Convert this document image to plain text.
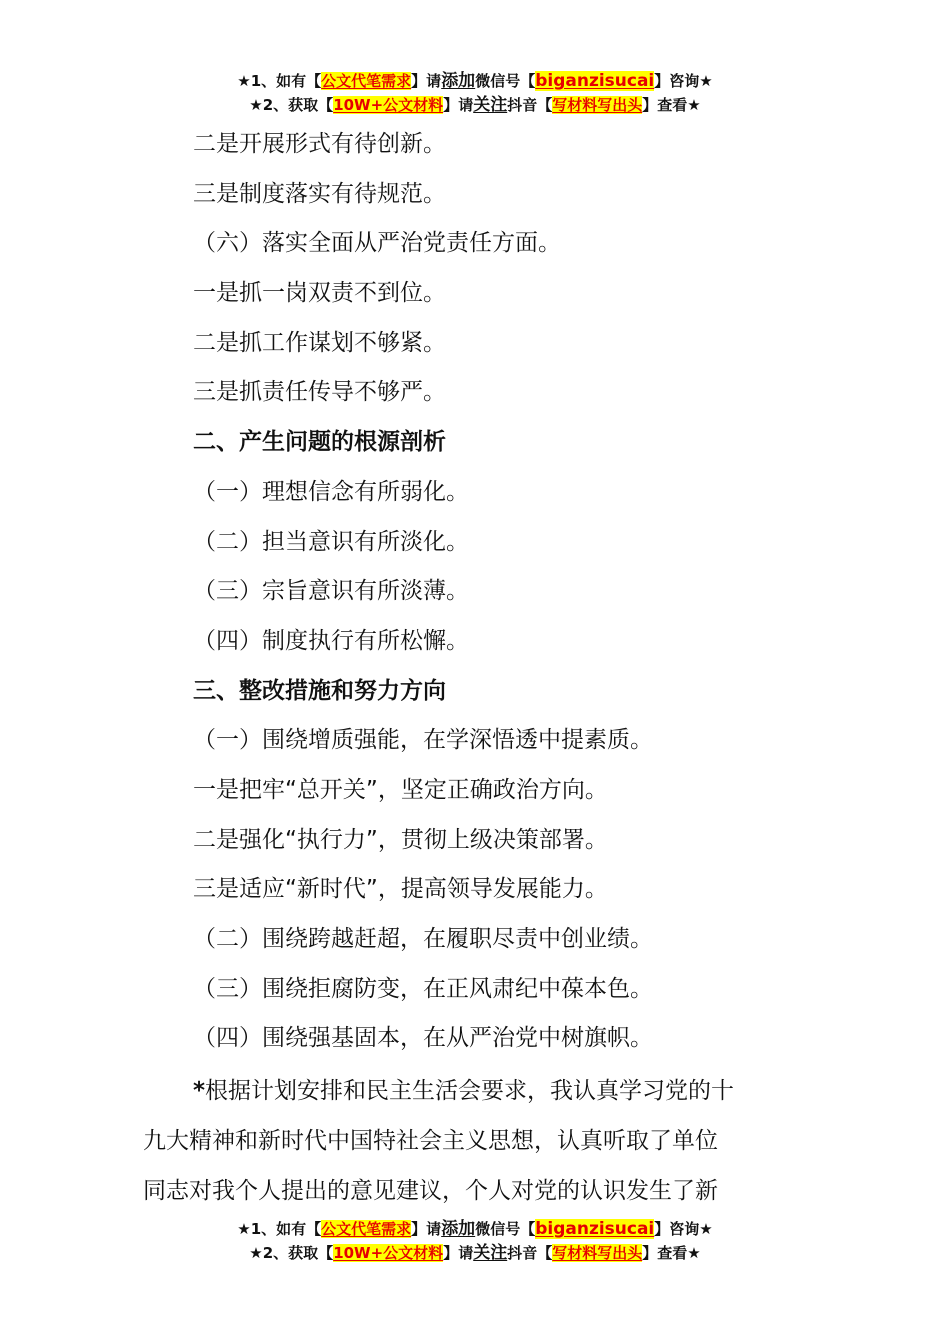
★1、如有【公文代笔需求】请添加微信号【biganzisucai】咨询★
★2、获取【10W+公文材料】请关注抖音【写材料写出头】查看★
二是开展形式有待创新。
三是制度落实有待规范。
（六）落实全面从严治党责任方面。
一是抓一岗双责不到位。
二是抓工作谋划不够紧。
三是抓责任传导不够严。
二、产生问题的根源剖析
（一）理想信念有所弱化。
（二）担当意识有所淡化。
（三）宗旨意识有所淡薄。
（四）制度执行有所松懈。
三、整改措施和努力方向
（一）围绕增质强能，在学深悟透中提素质。
一是把牢“总开关”，坚定正确政治方向。
二是强化“执行力”，贯彻上级决策部署。
三是适应“新时代”，提高领导发展能力。
（二）围绕跨越赶超，在履职尽责中创业绩。
（三）围绕拒腐防变，在正风肃纪中葆本色。
（四）围绕强基固本，在从严治党中树旗帜。
*根据计划安排和民主生活会要求，我认真学习党的十
九大精神和新时代中国特社会主义思想，认真听取了单位
同志对我个人提出的意见建议，个人对党的认识发生了新
★1、如有【公文代笔需求】请添加微信号【biganzisucai】咨询★
★2、获取【10W+公文材料】请关注抖音【写材料写出头】查看★
